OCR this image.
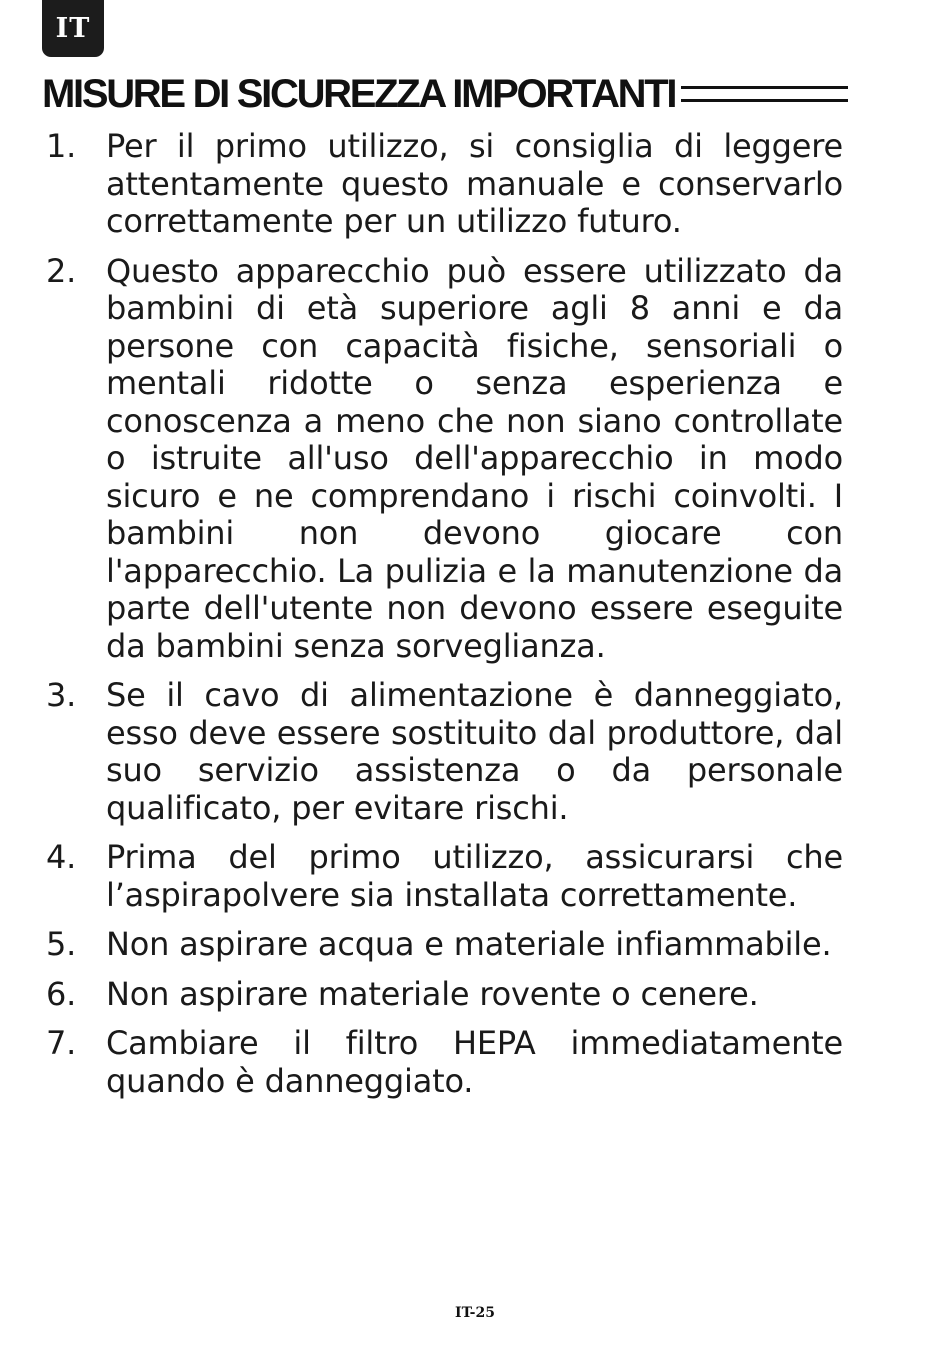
IT
MISURE DI SICUREZZA IMPORTANTI
1. Per il primo utilizzo, si consiglia di leggere attentamente questo manuale e conservarlo correttamente per un utilizzo futuro.
2. Questo apparecchio può essere utilizzato da bambini di età superiore agli 8 anni e da persone con capacità fisiche, sensoriali o mentali ridotte o senza esperienza e conoscenza a meno che non siano controllate o istruite all'uso dell'apparecchio in modo sicuro e ne comprendano i rischi coinvolti. I bambini non devono giocare con l'apparecchio. La pulizia e la manutenzione da parte dell'utente non devono essere eseguite da bambini senza sorveglianza.
3. Se il cavo di alimentazione è danneggiato, esso deve essere sostituito dal produttore, dal suo servizio assistenza o da personale qualificato, per evitare rischi.
4. Prima del primo utilizzo, assicurarsi che l’aspirapolvere sia installata correttamente.
5. Non aspirare acqua e materiale infiammabile.
6. Non aspirare materiale rovente o cenere.
7. Cambiare il filtro HEPA immediatamente quando è danneggiato.
IT-25
